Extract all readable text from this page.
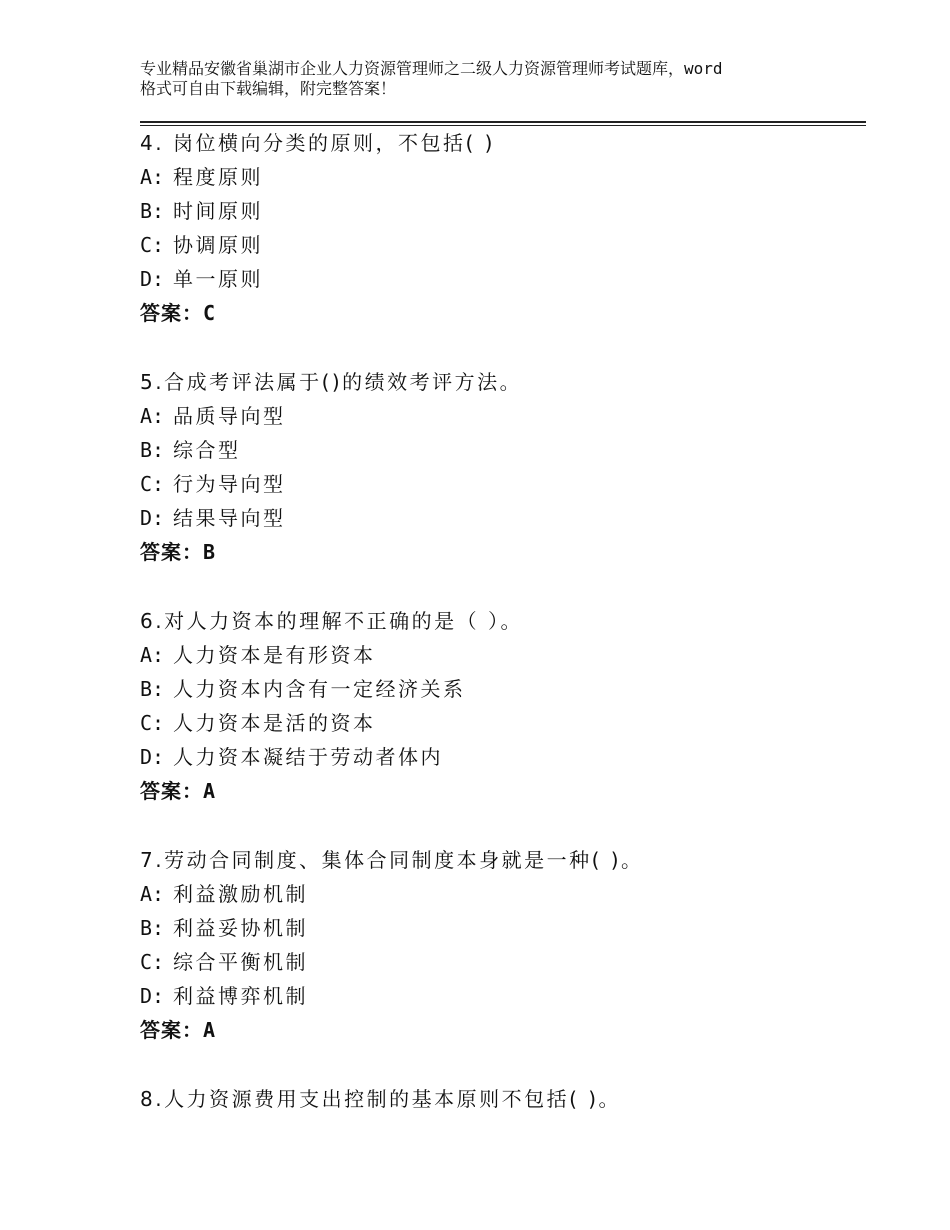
专业精品安徽省巢湖市企业人力资源管理师之二级人力资源管理师考试题库，word
格式可自由下载编辑，附完整答案！
4. 岗位横向分类的原则，不包括( )
A: 程度原则
B: 时间原则
C: 协调原则
D: 单一原则
答案：C
5.合成考评法属于()的绩效考评方法。
A: 品质导向型
B: 综合型
C: 行为导向型
D: 结果导向型
答案：B
6.对人力资本的理解不正确的是（ ）。
A: 人力资本是有形资本
B: 人力资本内含有一定经济关系
C: 人力资本是活的资本
D: 人力资本凝结于劳动者体内
答案：A
7.劳动合同制度、集体合同制度本身就是一种( )。
A: 利益激励机制
B: 利益妥协机制
C: 综合平衡机制
D: 利益博弈机制
答案：A
8.人力资源费用支出控制的基本原则不包括( )。
